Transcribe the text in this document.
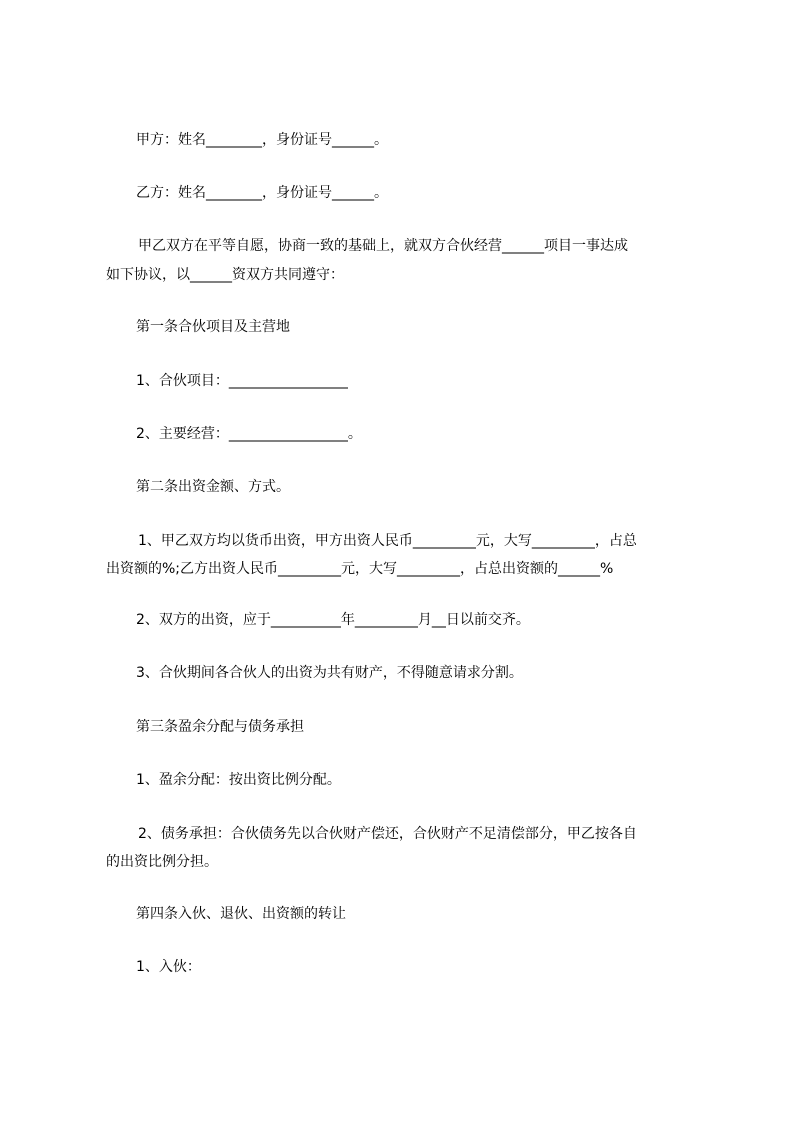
甲方：姓名________，身份证号______。

乙方：姓名________，身份证号______。

甲乙双方在平等自愿，协商一致的基础上，就双方合伙经营______项目一事达成

如下协议，以______资双方共同遵守：

第一条合伙项目及主营地

1、合伙项目：_________________

2、主要经营：_________________。

第二条出资金额、方式。

1、甲乙双方均以货币出资，甲方出资人民币_________元，大写_________，占总

出资额的%;乙方出资人民币_________元，大写_________，占总出资额的______%

2、双方的出资，应于__________年_________月__日以前交齐。

3、合伙期间各合伙人的出资为共有财产，不得随意请求分割。

第三条盈余分配与债务承担

1、盈余分配：按出资比例分配。

2、债务承担：合伙债务先以合伙财产偿还，合伙财产不足清偿部分，甲乙按各自

的出资比例分担。

第四条入伙、退伙、出资额的转让

1、入伙：
